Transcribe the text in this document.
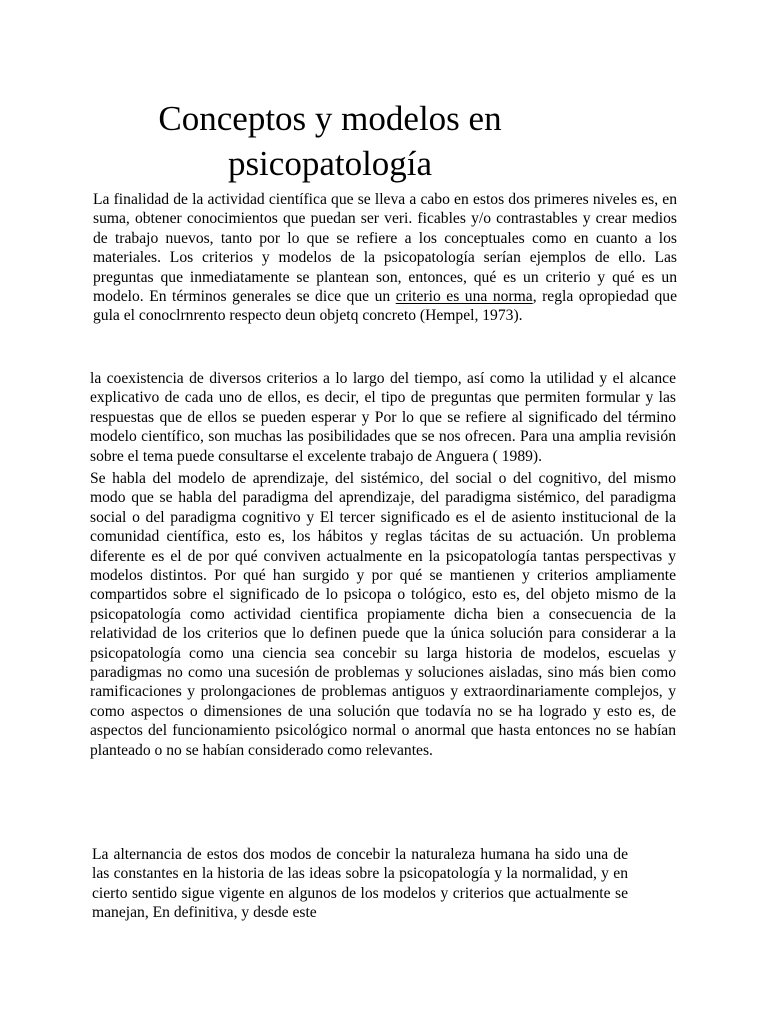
Conceptos y modelos en
psicopatología

La finalidad de la actividad científica que se lleva a cabo en estos dos primeres niveles es, en suma, obtener conocimientos que puedan ser veri. ficables y/o contrastables y crear medios de trabajo nuevos, tanto por lo que se refiere a los conceptuales como en cuanto a los materiales. Los criterios y modelos de la psicopatología serían ejemplos de ello. Las preguntas que inmediatamente se plantean son, entonces, qué es un criterio y qué es un modelo. En términos generales se dice que un criterio es una norma, regla opropiedad que gula el conoclrnrento respecto deun objetq concreto (Hempel, 1973).

la coexistencia de diversos criterios a lo largo del tiempo, así como la utilidad y el alcance explicativo de cada uno de ellos, es decir, el tipo de preguntas que permiten formular y las respuestas que de ellos se pueden esperar y Por lo que se refiere al significado del término modelo científico, son muchas las posibilidades que se nos ofrecen. Para una amplia revisión sobre el tema puede consultarse el excelente trabajo de Anguera ( 1989).

Se habla del modelo de aprendizaje, del sistémico, del social o del cognitivo, del mismo modo que se habla del paradigma del aprendizaje, del paradigma sistémico, del paradigma social o del paradigma cognitivo y El tercer significado es el de asiento institucional de la comunidad científica, esto es, los hábitos y reglas tácitas de su actuación. Un problema diferente es el de por qué conviven actualmente en la psicopatología tantas perspectivas y modelos distintos. Por qué han surgido y por qué se mantienen y criterios ampliamente compartidos sobre el significado de lo psicopa o tológico, esto es, del objeto mismo de la psicopatología como actividad cientifica propiamente dicha bien a consecuencia de la relatividad de los criterios que lo definen puede que la única solución para considerar a la psicopatología como una ciencia sea concebir su larga historia de modelos, escuelas y paradigmas no como una sucesión de problemas y soluciones aisladas, sino más bien como ramificaciones y prolongaciones de problemas antiguos y extraordinariamente complejos, y como aspectos o dimensiones de una solución que todavía no se ha logrado y esto es, de aspectos del funcionamiento psicológico normal o anormal que hasta entonces no se habían planteado o no se habían considerado como relevantes.

La alternancia de estos dos modos de concebir la naturaleza humana ha sido una de las constantes en la historia de las ideas sobre la psicopatología y la normalidad, y en cierto sentido sigue vigente en algunos de los modelos y criterios que actualmente se manejan, En definitiva, y desde este
